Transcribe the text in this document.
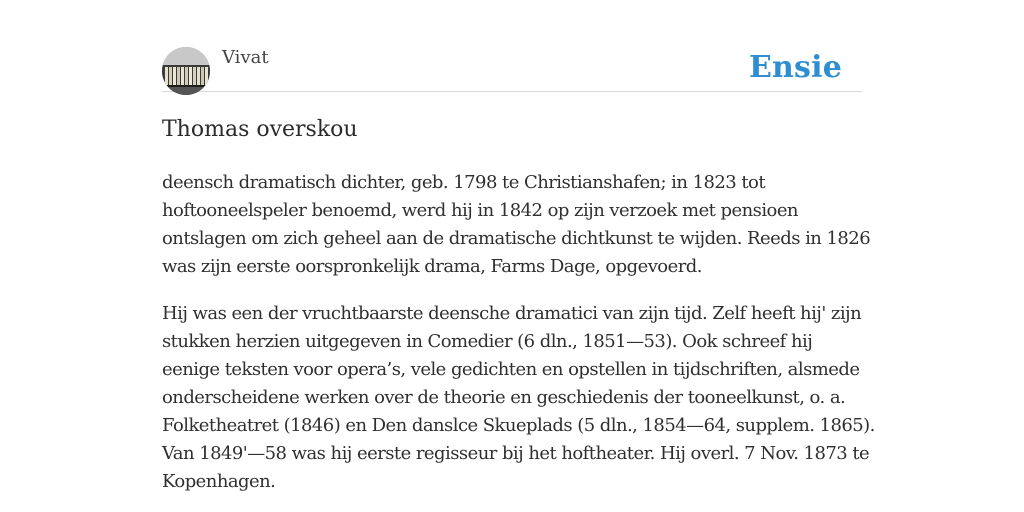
Vivat	Ensie
Thomas overskou

deensch dramatisch dichter, geb. 1798 te Christianshafen; in 1823 tot
hoftooneelspeler benoemd, werd hij in 1842 op zijn verzoek met pensioen
ontslagen om zich geheel aan de dramatische dichtkunst te wijden. Reeds in 1826
was zijn eerste oorspronkelijk drama, Farms Dage, opgevoerd.

Hij was een der vruchtbaarste deensche dramatici van zijn tijd. Zelf heeft hij' zijn
stukken herzien uitgegeven in Comedier (6 dln., 1851—53). Ook schreef hij
eenige teksten voor opera’s, vele gedichten en opstellen in tijdschriften, alsmede
onderscheidene werken over de theorie en geschiedenis der tooneelkunst, o. a.
Folketheatret (1846) en Den danslce Skueplads (5 dln., 1854—64, supplem. 1865).
Van 1849'—58 was hij eerste regisseur bij het hoftheater. Hij overl. 7 Nov. 1873 te
Kopenhagen.
